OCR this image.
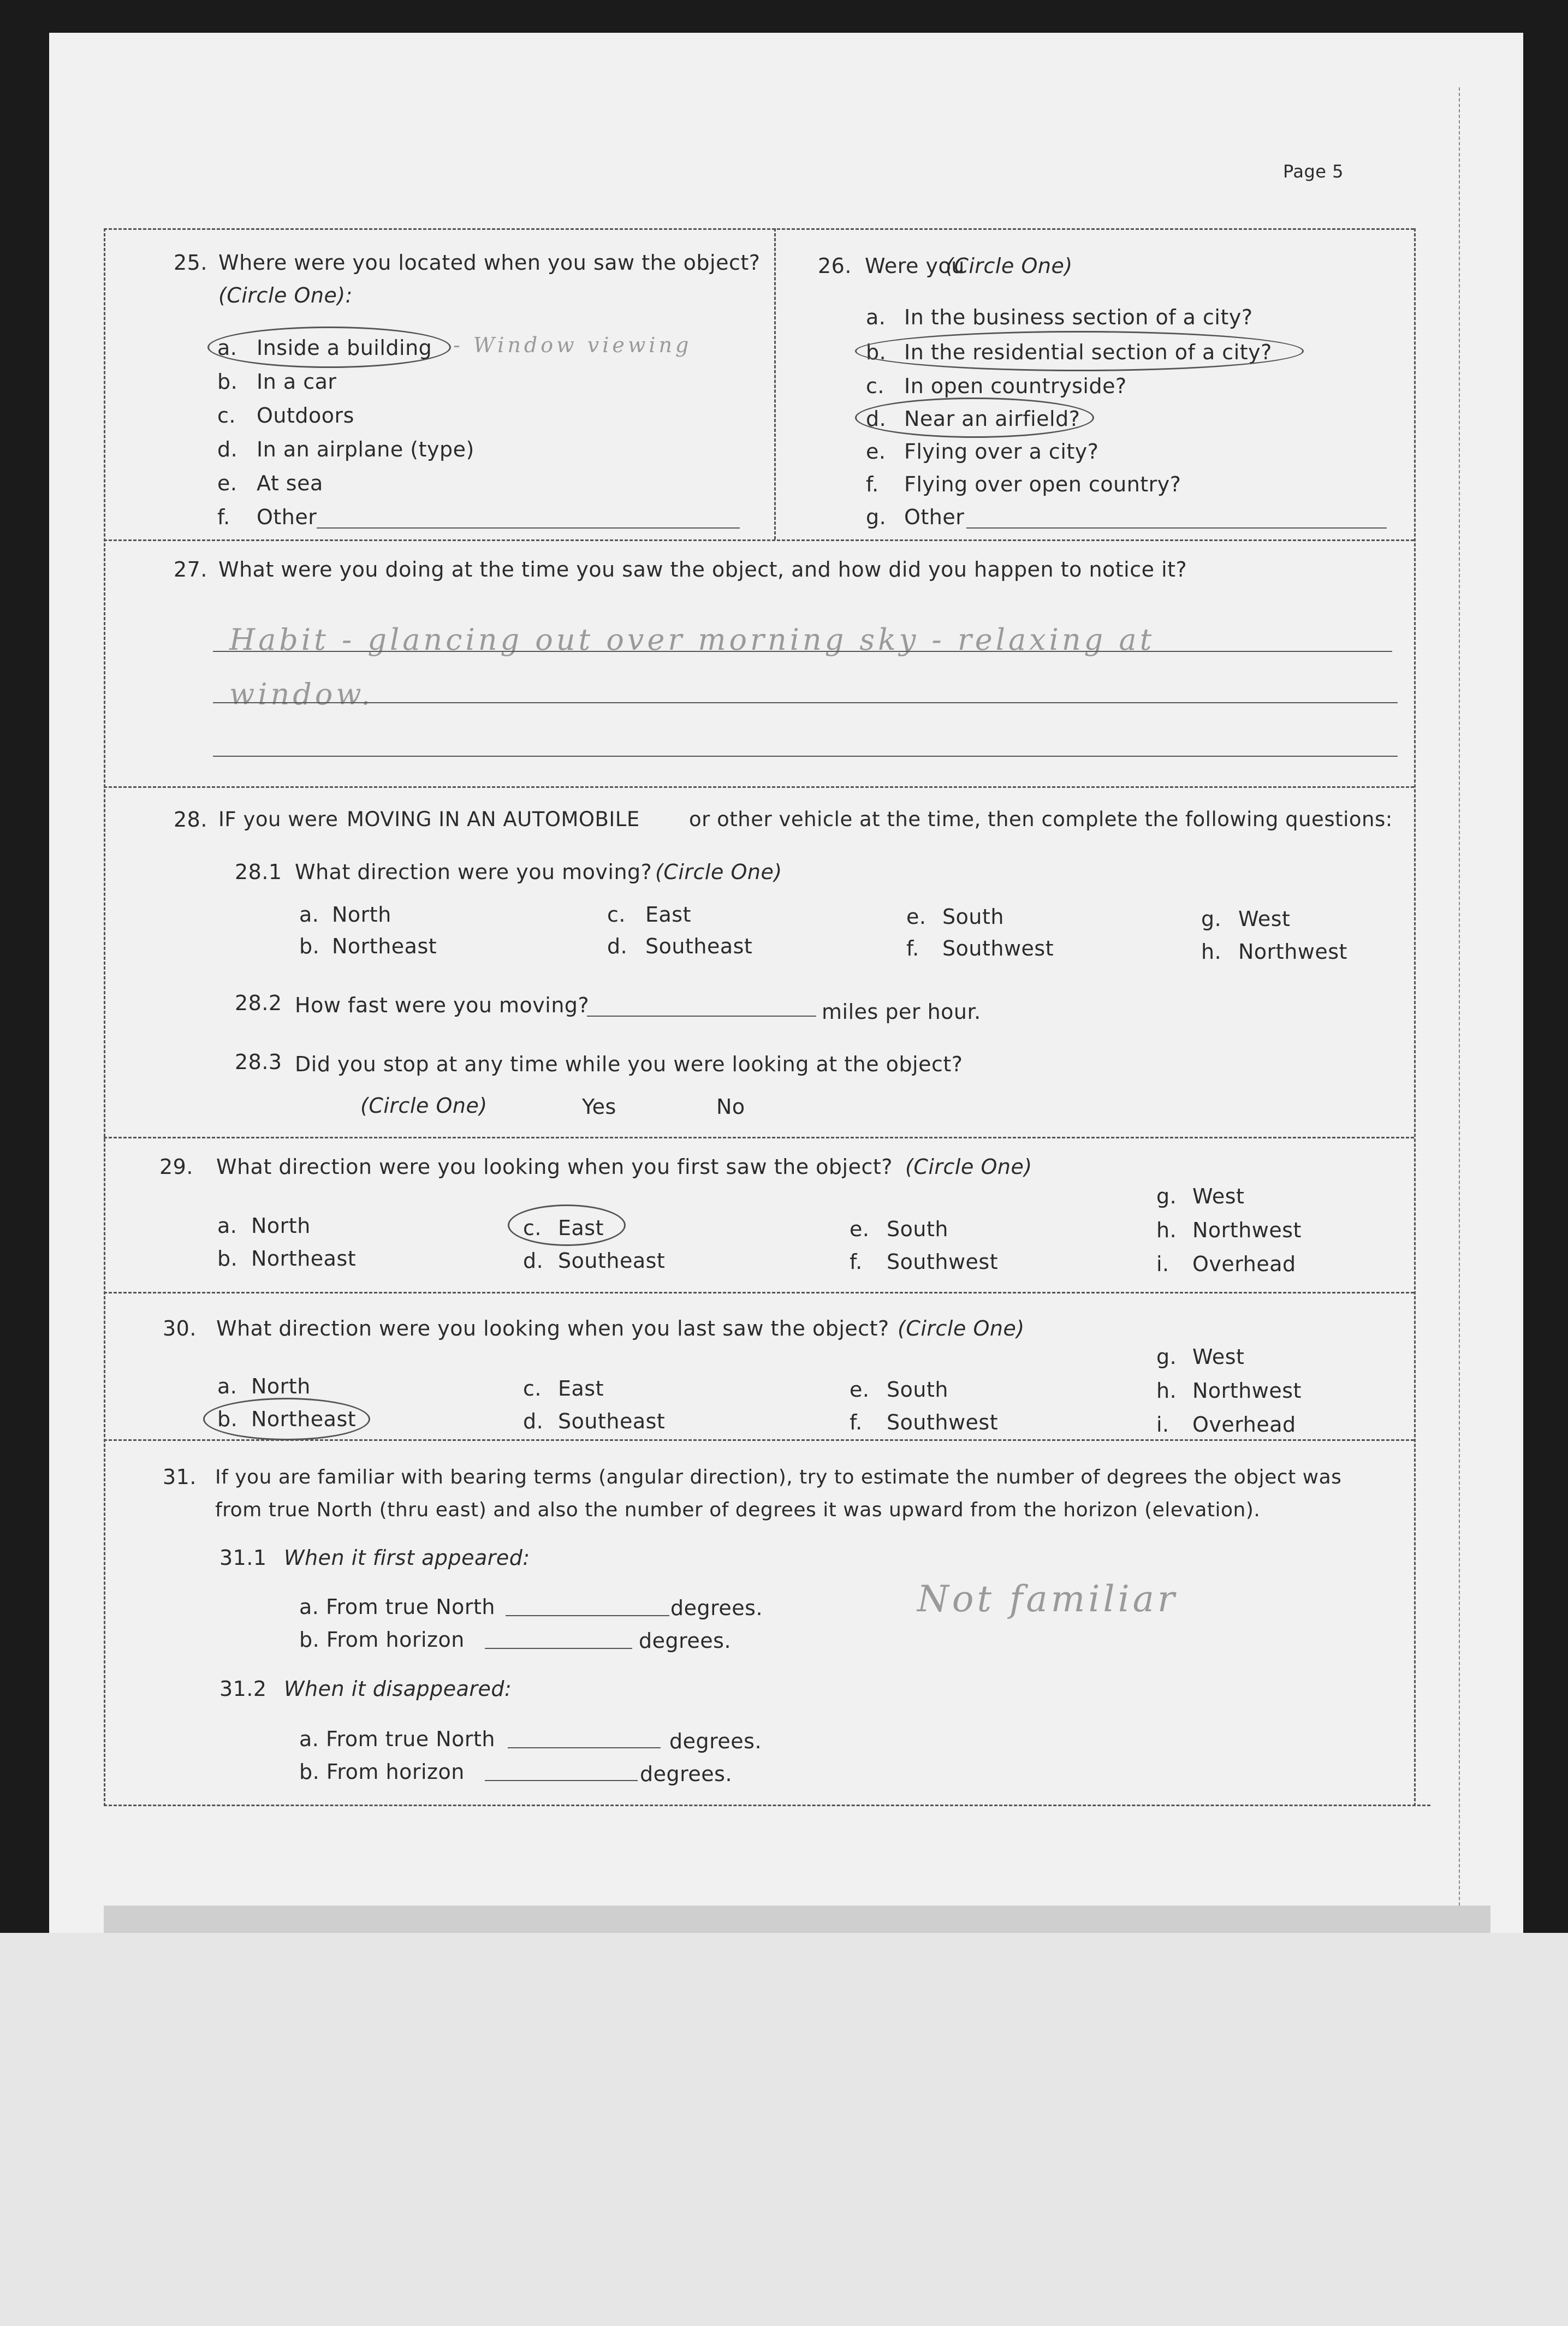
Page 5
25. Where were you located when you saw the object?
(Circle One):
a. Inside a building - Window viewing
b. In a car
c. Outdoors
d. In an airplane (type)
e. At sea
f. Other
26. Were you
(Circle One)
a. In the business section of a city?
b. In the residential section of a city?
c. In open countryside?
d. Near an airfield?
e. Flying over a city?
f. Flying over open country?
g. Other
27. What were you doing at the time you saw the object, and how did you happen to notice it?
Habit - glancing out over morning sky - relaxing at
window.
28. IF you were MOVING IN AN AUTOMOBILE or other vehicle at the time, then complete the following questions:
28.1 What direction were you moving? (Circle One)
a. North
b. Northeast
c. East
d. Southeast
e. South
f. Southwest
g. West
h. Northwest
28.2 How fast were you moving?	miles per hour.
28.3 Did you stop at any time while you were looking at the object?
(Circle One)	Yes	No
29. What direction were you looking when you first saw the object? (Circle One)
a. North
b. Northeast
c. East
d. Southeast
e. South
f. Southwest
g. West
h. Northwest
i. Overhead
30. What direction were you looking when you last saw the object? (Circle One)
a. North
b. Northeast
c. East
d. Southeast
e. South
f. Southwest
g. West
h. Northwest
i. Overhead
31. If you are familiar with bearing terms (angular direction), try to estimate the number of degrees the object was
from true North (thru east) and also the number of degrees it was upward from the horizon (elevation).
31.1 When it first appeared:
a. From true North	degrees.
b. From horizon	degrees.
Not familiar
31.2 When it disappeared:
a. From true North	degrees.
b. From horizon	degrees.
